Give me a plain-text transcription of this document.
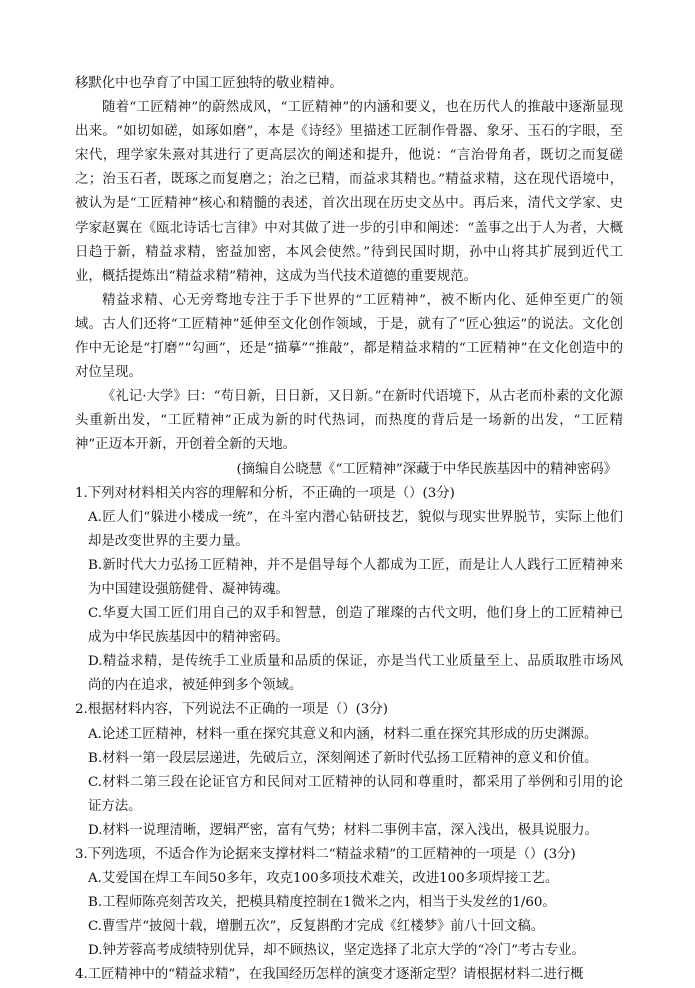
移默化中也孕育了中国工匠独特的敬业精神。

随着“工匠精神”的蔚然成风，“工匠精神”的内涵和要义，也在历代人的推敲中逐渐显现出来。“如切如磋，如琢如磨”，本是《诗经》里描述工匠制作骨器、象牙、玉石的字眼，至宋代，理学家朱熹对其进行了更高层次的阐述和提升，他说：“言治骨角者，既切之而复磋之；治玉石者，既琢之而复磨之；治之已精，而益求其精也。”精益求精，这在现代语境中，被认为是“工匠精神”核心和精髓的表述，首次出现在历史文丛中。再后来，清代文学家、史学家赵翼在《瓯北诗话七言律》中对其做了进一步的引申和阐述：“盖事之出于人为者，大概日趋于新，精益求精，密益加密，本风会使然。”待到民国时期，孙中山将其扩展到近代工业，概括提炼出“精益求精”精神，这成为当代技术道德的重要规范。

精益求精、心无旁骛地专注于手下世界的“工匠精神”，被不断内化、延伸至更广的领域。古人们还将“工匠精神”延伸至文化创作领域，于是，就有了“匠心独运”的说法。文化创作中无论是“打磨”“勾画”，还是“描摹”“推敲”，都是精益求精的“工匠精神”在文化创造中的对位呈现。

《礼记·大学》曰：“苟日新，日日新，又日新。”在新时代语境下，从古老而朴素的文化源头重新出发，“工匠精神”正成为新的时代热词，而热度的背后是一场新的出发，“工匠精神”正迈本开新，开创着全新的天地。

(摘编自公晓慧《“工匠精神”深藏于中华民族基因中的精神密码》

1.下列对材料相关内容的理解和分析，不正确的一项是（）(3分)

A.匠人们“躲进小楼成一统”，在斗室内潜心钻研技艺，貌似与现实世界脱节，实际上他们却是改变世界的主要力量。

B.新时代大力弘扬工匠精神，并不是倡导每个人都成为工匠，而是让人人践行工匠精神来为中国建设强筋健骨、凝神铸魂。

C.华夏大国工匠们用自己的双手和智慧，创造了璀璨的古代文明，他们身上的工匠精神已成为中华民族基因中的精神密码。

D.精益求精，是传统手工业质量和品质的保证，亦是当代工业质量至上、品质取胜市场风尚的内在追求，被延伸到多个领域。

2.根据材料内容，下列说法不正确的一项是（）(3分)

A.论述工匠精神，材料一重在探究其意义和内涵，材料二重在探究其形成的历史渊源。

B.材料一第一段层层递进，先破后立，深刻阐述了新时代弘扬工匠精神的意义和价值。

C.材料二第三段在论证官方和民间对工匠精神的认同和尊重时，都采用了举例和引用的论证方法。

D.材料一说理清晰，逻辑严密，富有气势；材料二事例丰富，深入浅出，极具说服力。

3.下列选项，不适合作为论据来支撑材料二“精益求精”的工匠精神的一项是（）(3分)

A.艾爱国在焊工车间50多年，攻克100多项技术难关，改进100多项焊接工艺。

B.工程师陈亮刻苦攻关，把模具精度控制在1微米之内，相当于头发丝的1/60。

C.曹雪芹“披阅十载，增删五次”，反复斟酌才完成《红楼梦》前八十回文稿。

D.钟芳蓉高考成绩特别优异，却不顾热议，坚定选择了北京大学的“冷门”考古专业。

4.工匠精神中的“精益求精”，在我国经历怎样的演变才逐渐定型？请根据材料二进行概
